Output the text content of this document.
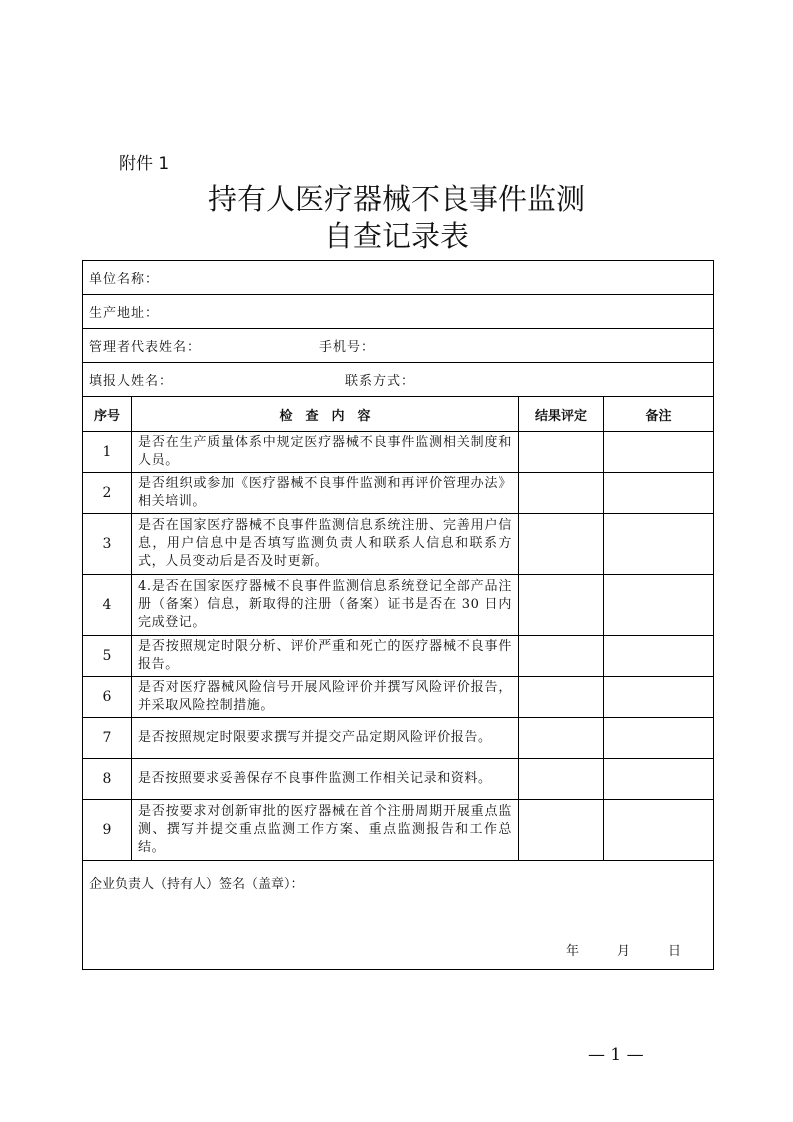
附件 1
持有人医疗器械不良事件监测
自查记录表
单位名称：			
生产地址：			
管理者代表姓名： 手机号：			
填报人姓名： 联系方式：			
序号	检　查　内　容	结果评定	备注
1	是否在生产质量体系中规定医疗器械不良事件监测相关制度和人员。		
2	是否组织或参加《医疗器械不良事件监测和再评价管理办法》相关培训。		
3	是否在国家医疗器械不良事件监测信息系统注册、完善用户信息，用户信息中是否填写监测负责人和联系人信息和联系方式，人员变动后是否及时更新。		
4	4.是否在国家医疗器械不良事件监测信息系统登记全部产品注册（备案）信息，新取得的注册（备案）证书是否在 30 日内完成登记。		
5	是否按照规定时限分析、评价严重和死亡的医疗器械不良事件报告。		
6	是否对医疗器械风险信号开展风险评价并撰写风险评价报告，并采取风险控制措施。		
7	是否按照规定时限要求撰写并提交产品定期风险评价报告。		
8	是否按照要求妥善保存不良事件监测工作相关记录和资料。		
9	是否按要求对创新审批的医疗器械在首个注册周期开展重点监测、撰写并提交重点监测工作方案、重点监测报告和工作总结。		
企业负责人（持有人）签名（盖章）：
年 月 日			
— 1 —
